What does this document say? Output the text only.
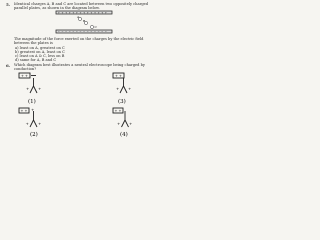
5. Identical charges A, B and C are located between two oppositely charged
parallel plates, as shown in the diagram below.
+ + + + + + + + + + + + + +
A
B
C
− − − − − − − − − − − − − −
The magnitude of the force exerted on the charges by the electric field
between the plates is
a) least on A, greatest on C
b) greatest on A, least on C
c) least on A & C, less on B
d) same for A, B and C
6. Which diagram best illustrates a neutral electroscope being charged by
conduction?
+ +
+ +
(1)
+ +
+ +
(3)
+ + +
+ +
(2)
+ +
+ +
(4)
